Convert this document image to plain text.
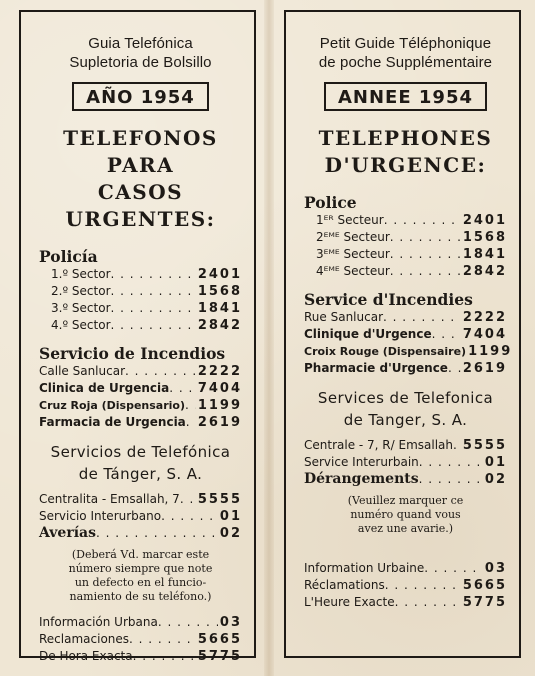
Guia Telefónica
Supletoria de Bolsillo
AÑO 1954
TELEFONOS PARA
CASOS URGENTES:
Policía
1.º Sector . . .	2401
2.º Sector . . .	1568
3.º Sector . . .	1841
4.º Sector . . .	2842
Servicio de Incendios
Calle Sanlucar . . .	2222
Clinica de Urgencia . . . 7404
Cruz Roja (Dispensario) . . . 1199
Farmacia de Urgencia . . . 2619
Servicios de Telefónica
de Tánger, S. A.
Centralita - Emsallah, 7 . . . 5555
Servicio Interurbano . . .	01
Averías . . .	02
(Deberá Vd. marcar este
número siempre que note
un defecto en el funcio-
namiento de su teléfono.)
Información Urbana . . .	03
Reclamaciones . . .	5665
De Hora Exacta . . .	5775
Petit Guide Téléphonique
de poche Supplémentaire
ANNEE 1954
TELEPHONES
D'URGENCE:
Police
1ᴱᴿ Secteur . . .	2401
2ᴱᴹᴱ Secteur . . .	1568
3ᴱᴹᴱ Secteur . . .	1841
4ᴱᴹᴱ Secteur . . .	2842
Service d'Incendies
Rue Sanlucar . . .	2222
Clinique d'Urgence . . . 7404
Croix Rouge (Dispensaire) 1199
Pharmacie d'Urgence . . . 2619
Services de Telefonica
de Tanger, S. A.
Centrale - 7, R/ Emsallah . . . 5555
Service Interurbain . . .	01
Dérangements . . .	02
(Veuillez marquer ce
numéro quand vous
avez une avarie.)
Information Urbaine . . .	03
Réclamations . . .	5665
L'Heure Exacte . . .	5775
